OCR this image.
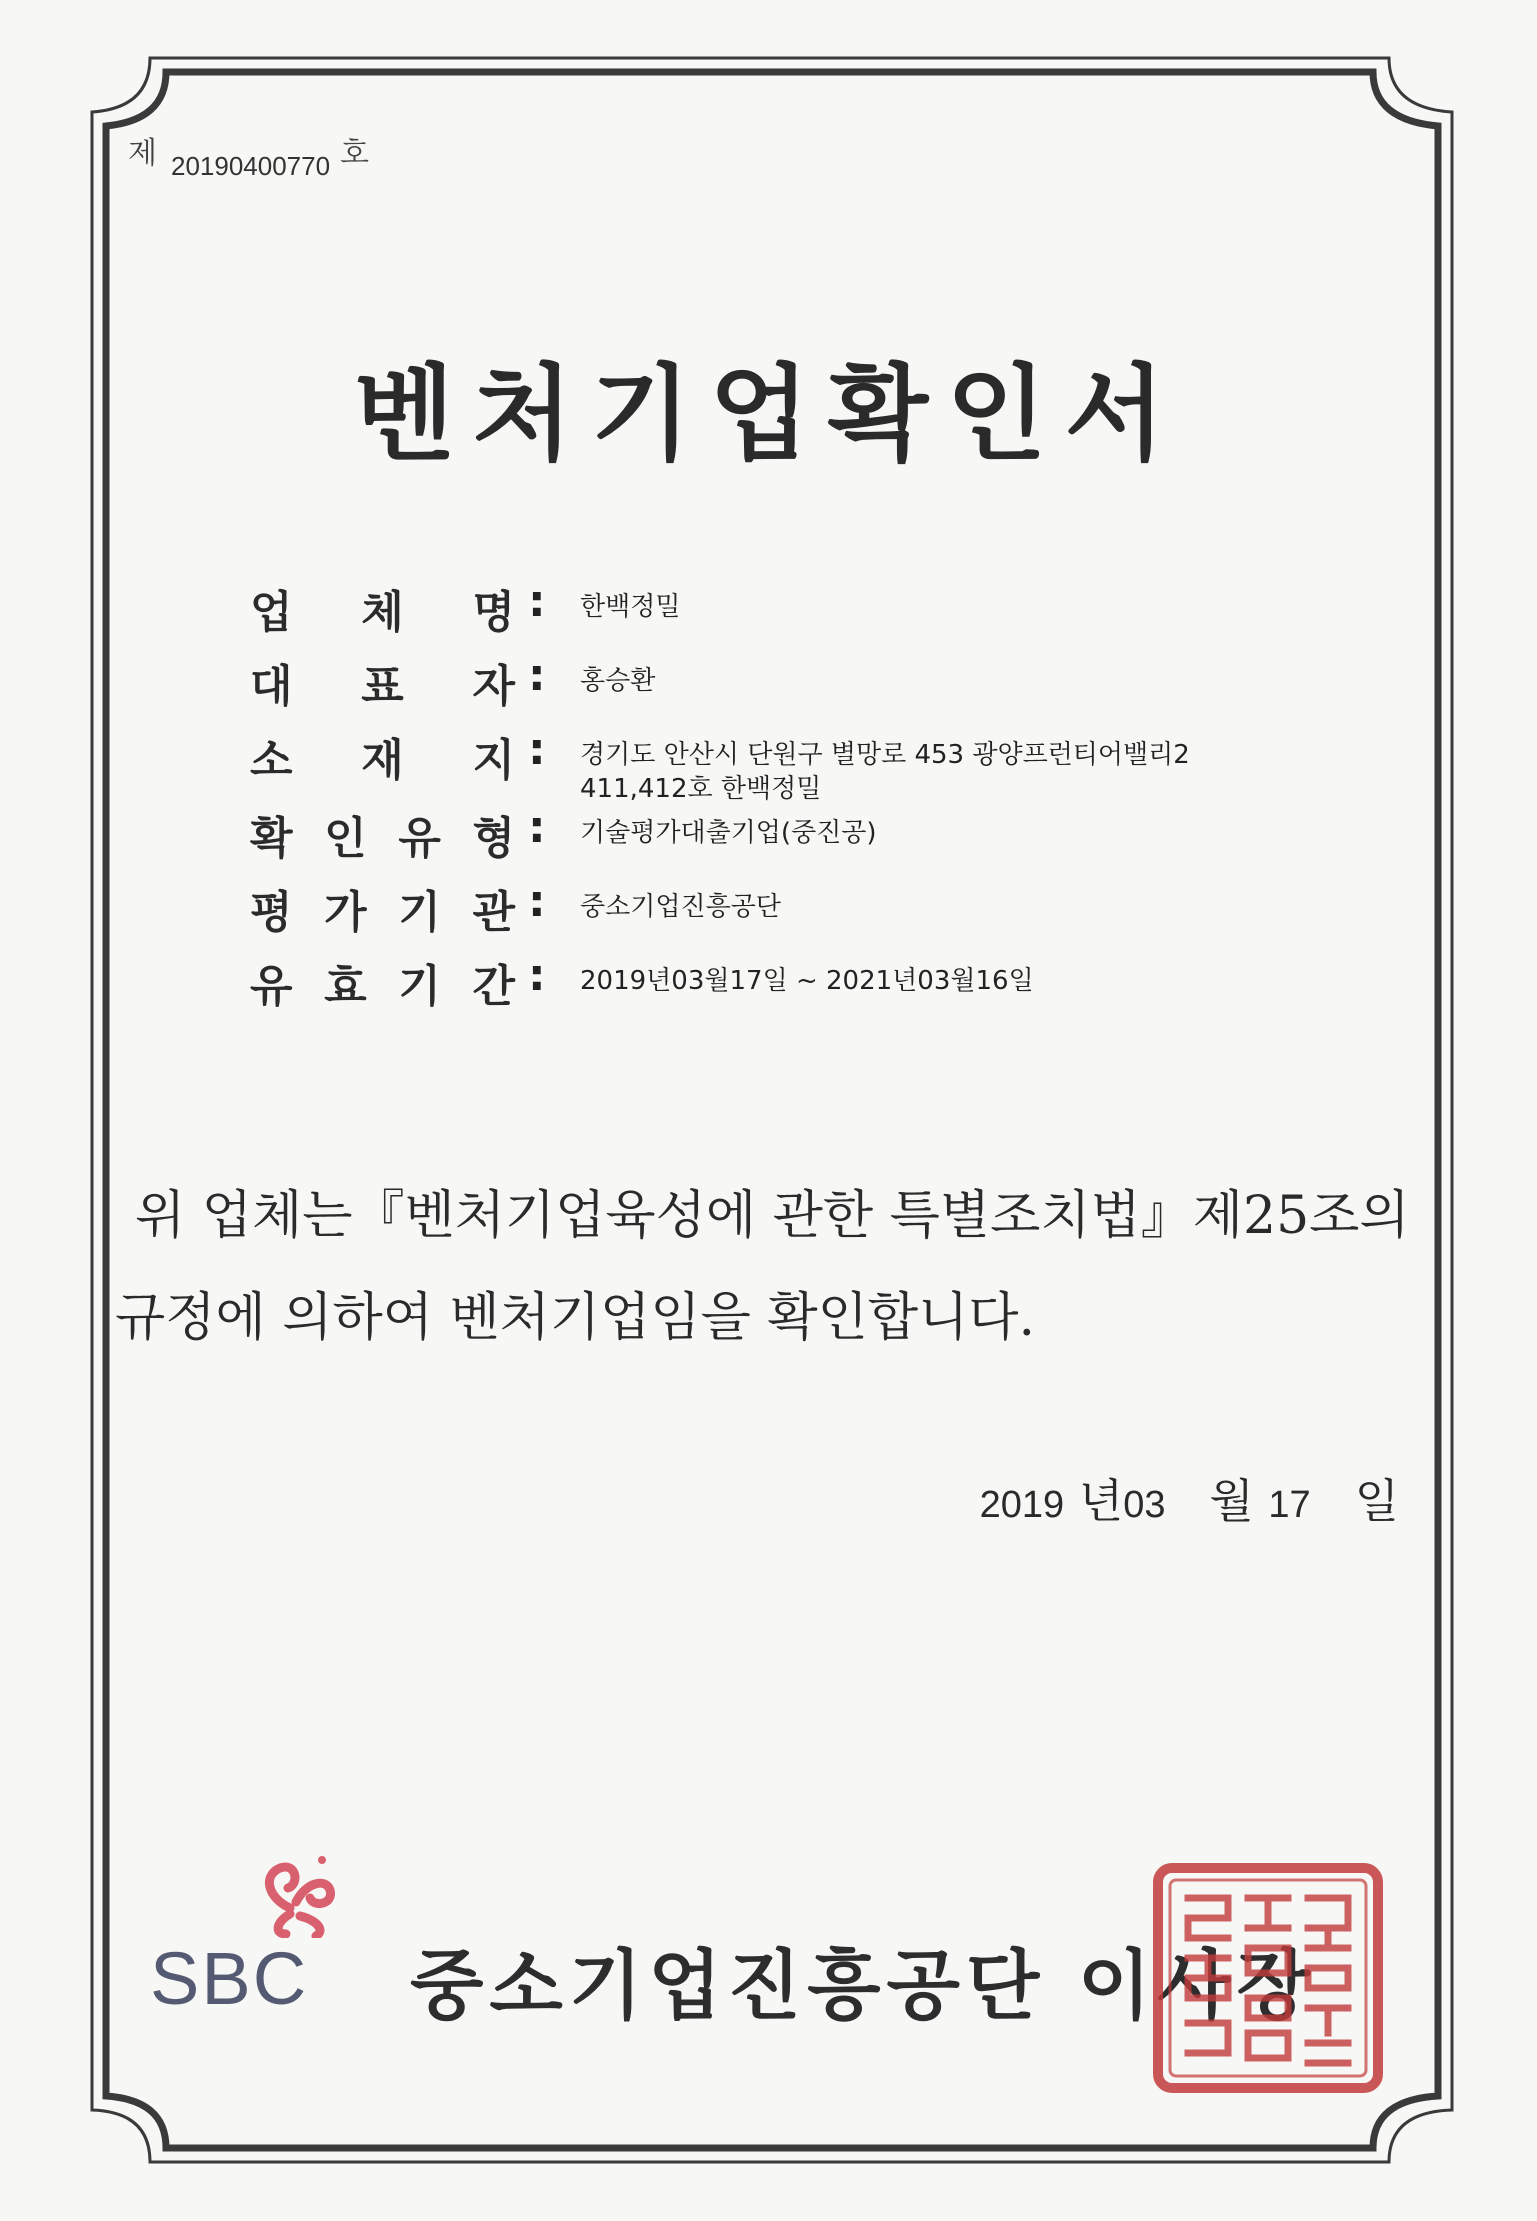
제 20190400770 호
벤처기업확인서
업 체 명 : 한백정밀
대 표 자 : 홍승환
소 재 지 : 경기도 안산시 단원구 별망로 453 광양프런티어밸리2
411,412호 한백정밀
확 인 유 형 : 기술평가대출기업(중진공)
평 가 기 관 : 중소기업진흥공단
유 효 기 간 : 2019년03월17일 ~ 2021년03월16일
위 업체는『벤처기업육성에 관한 특별조치법』제25조의
규정에 의하여 벤처기업임을 확인합니다.
2019 년03 월 17 일
SBC	중소기업진흥공단 이사장
